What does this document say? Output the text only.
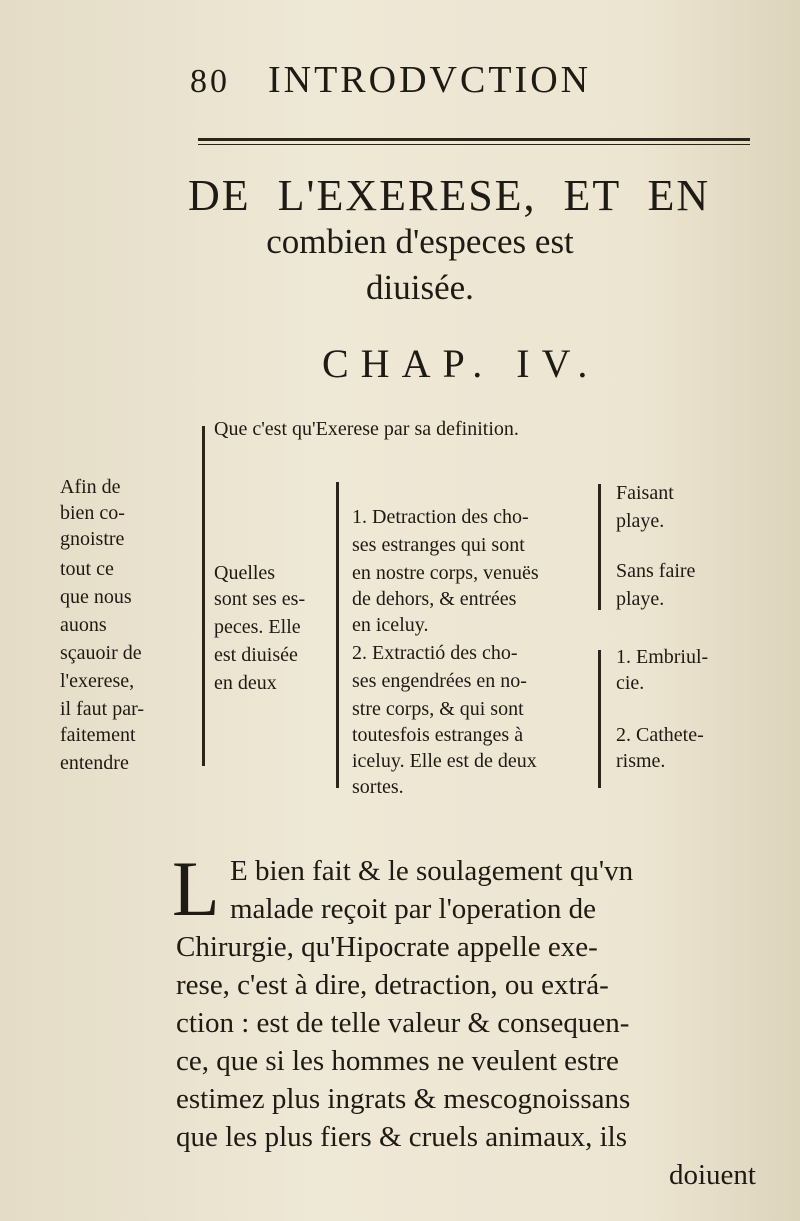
80 INTRODVCTION
DE L'EXERESE, ET EN
combien d'especes est
diuisée.
CHAP. IV.
Que c'est qu'Exerese par sa definition.
Afin de
bien co-
gnoistre
tout ce
que nous
auons
sçauoir de
l'exerese,
il faut par-
faitement
entendre
Quelles
sont ses es-
peces. Elle
est diuisée
en deux
1. Detraction des cho-
ses estranges qui sont
en nostre corps, venuës
de dehors, & entrées
en iceluy.
Faisant
playe.
Sans faire
playe.
2. Extractió des cho-
ses engendrées en no-
stre corps, & qui sont
toutesfois estranges à
iceluy. Elle est de deux
sortes.
1. Embriul-
cie.
2. Cathete-
risme.
L E bien fait & le soulagement qu'vn
malade reçoit par l'operation de
Chirurgie, qu'Hipocrate appelle exe-
rese, c'est à dire, detraction, ou extrá-
ction : est de telle valeur & consequen-
ce, que si les hommes ne veulent estre
estimez plus ingrats & mescognoissans
que les plus fiers & cruels animaux, ils
doiuent
